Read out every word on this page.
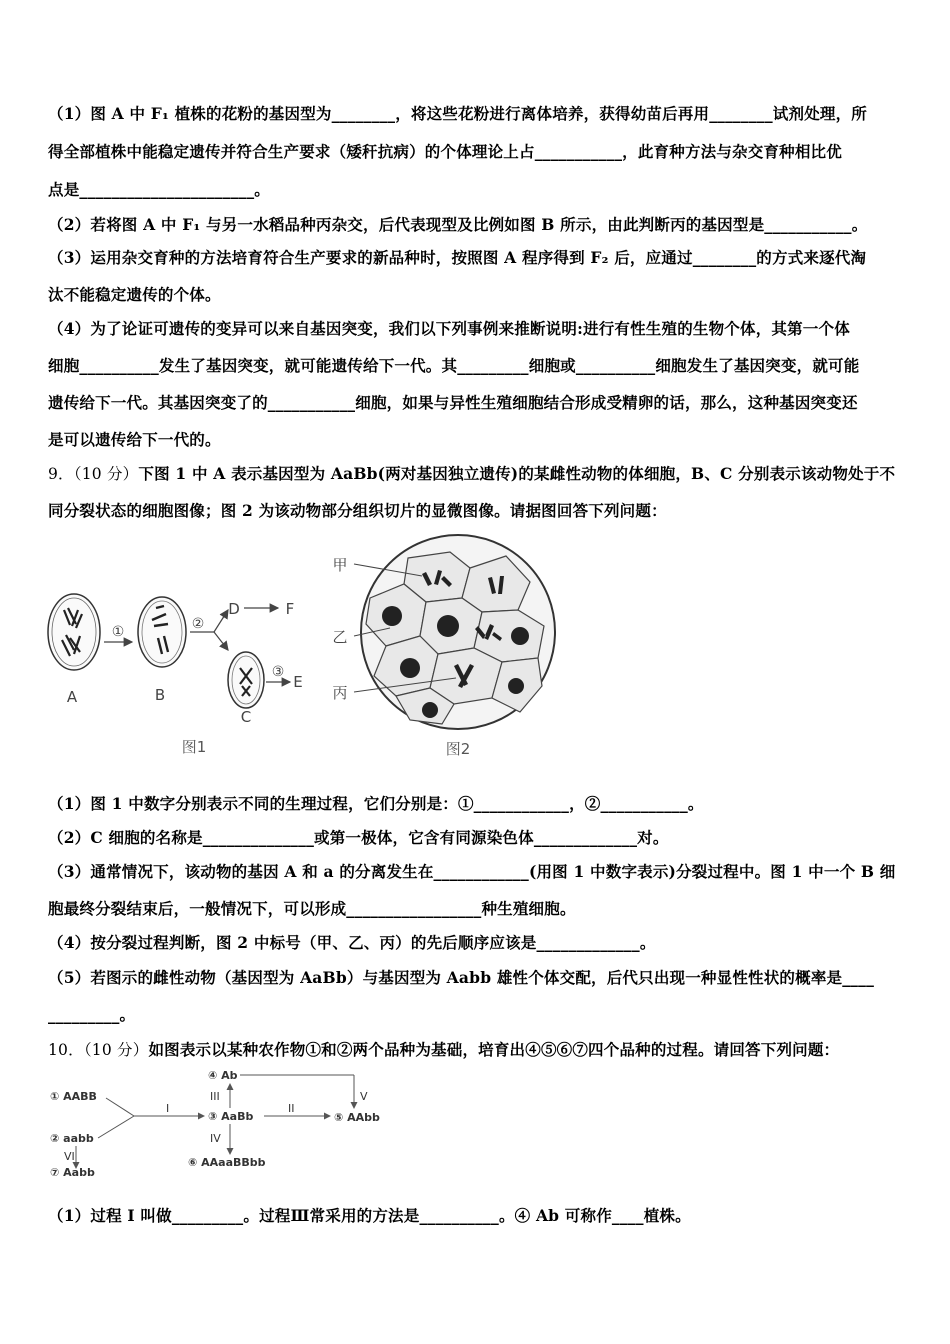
（1）图 A 中 F₁ 植株的花粉的基因型为________，将这些花粉进行离体培养，获得幼苗后再用________试剂处理，所
得全部植株中能稳定遗传并符合生产要求（矮秆抗病）的个体理论上占___________，此育种方法与杂交育种相比优
点是______________________。
（2）若将图 A 中 F₁ 与另一水稻品种丙杂交，后代表现型及比例如图 B 所示，由此判断丙的基因型是___________。
（3）运用杂交育种的方法培育符合生产要求的新品种时，按照图 A 程序得到 F₂ 后，应通过________的方式来逐代淘
汰不能稳定遗传的个体。
（4）为了论证可遗传的变异可以来自基因突变，我们以下列事例来推断说明:进行有性生殖的生物个体，其第一个体
细胞__________发生了基因突变，就可能遗传给下一代。其_________细胞或__________细胞发生了基因突变，就可能
遗传给下一代。其基因突变了的___________细胞，如果与异性生殖细胞结合形成受精卵的话，那么，这种基因突变还
是可以遗传给下一代的。
9．（10 分）下图 1 中 A 表示基因型为 AaBb(两对基因独立遗传)的某雌性动物的体细胞，B、C 分别表示该动物处于不
同分裂状态的细胞图像；图 2 为该动物部分组织切片的显微图像。请据图回答下列问题：
①	②
③
D	F
E
A	B
C
图1
甲
乙
丙
图2
（1）图 1 中数字分别表示不同的生理过程，它们分别是：①____________，②___________。
（2）C 细胞的名称是______________或第一极体，它含有同源染色体_____________对。
（3）通常情况下，该动物的基因 A 和 a 的分离发生在____________(用图 1 中数字表示)分裂过程中。图 1 中一个 B 细
胞最终分裂结束后，一般情况下，可以形成_________________种生殖细胞。
（4）按分裂过程判断，图 2 中标号（甲、乙、丙）的先后顺序应该是_____________。
（5）若图示的雌性动物（基因型为 AaBb）与基因型为 Aabb 雄性个体交配，后代只出现一种显性性状的概率是____
_________。
10．（10 分）如图表示以某种农作物①和②两个品种为基础，培育出④⑤⑥⑦四个品种的过程。请回答下列问题：
① AABB
② aabb
③ AaBb
④ Ab
⑤ AAbb
⑥ AAaaBBbb
⑦ Aabb
I	II
III
IV
V
VI
（1）过程 I 叫做_________。过程Ⅲ常采用的方法是__________。④ Ab 可称作____植株。
